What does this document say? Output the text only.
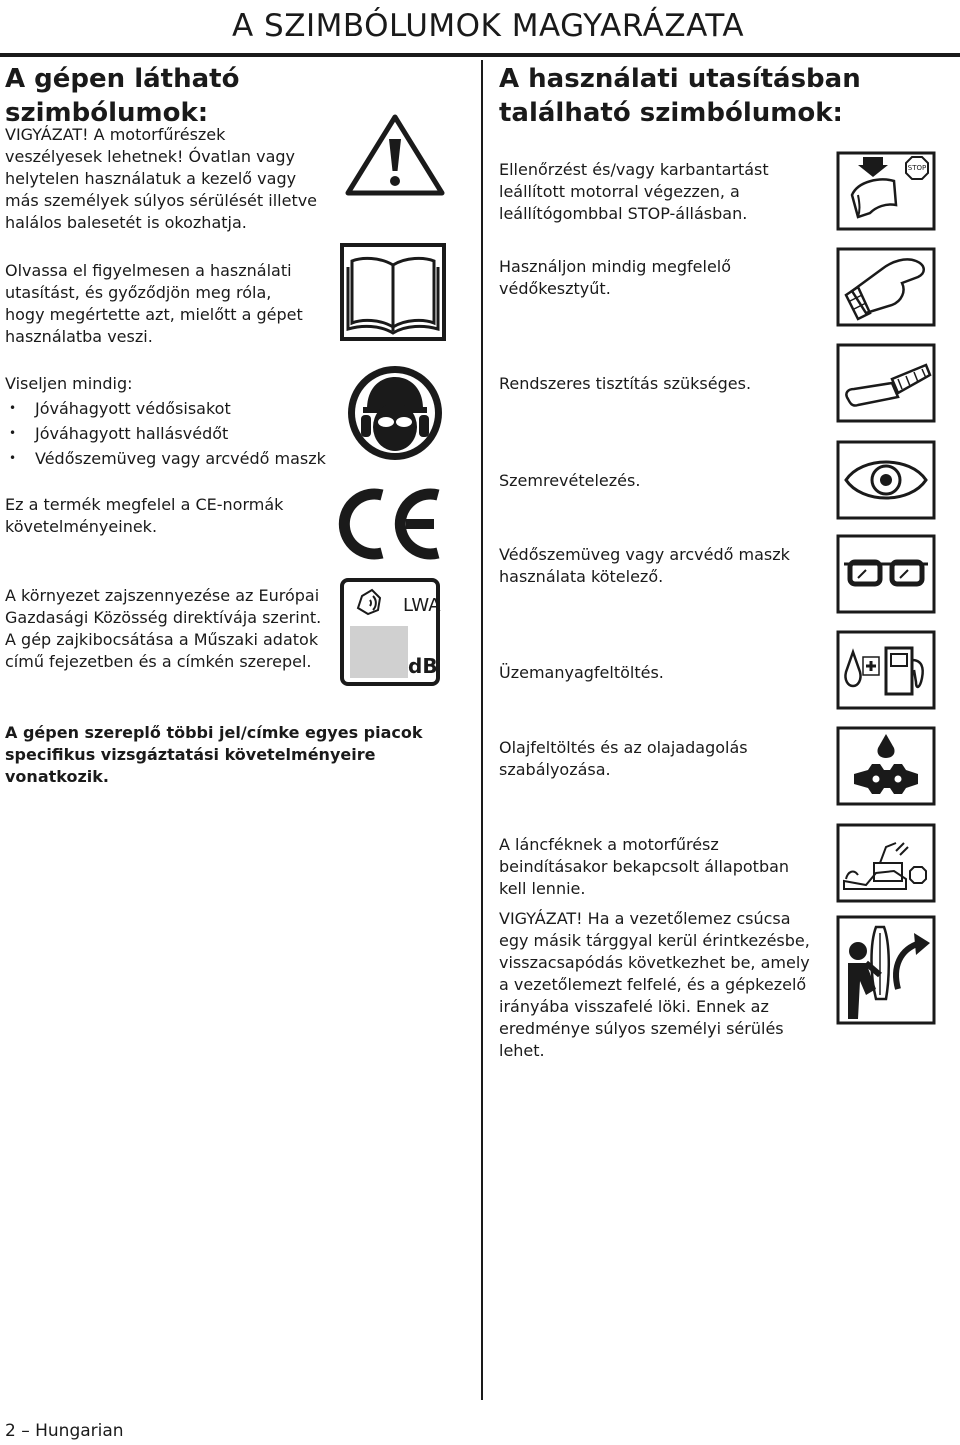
A SZIMBÓLUMOK MAGYARÁZATA
A gépen látható szimbólumok:
VIGYÁZAT! A motorfűrészek veszélyesek lehetnek! Óvatlan vagy helytelen használatuk a kezelő vagy más személyek súlyos sérülését illetve halálos balesetét is okozhatja.
Olvassa el figyelmesen a használati utasítást, és győződjön meg róla, hogy megértette azt, mielőtt a gépet használatba veszi.
Viseljen mindig:
• Jóváhagyott védősisakot
• Jóváhagyott hallásvédőt
• Védőszemüveg vagy arcvédő maszk
Ez a termék megfelel a CE-normák követelményeinek.
A környezet zajszennyezése az Európai Gazdasági Közösség direktívája szerint. A gép zajkibocsátása a Műszaki adatok című fejezetben és a címkén szerepel.
LWA
dB
A gépen szereplő többi jel/címke egyes piacok specifikus vizsgáztatási követelményeire vonatkozik.
A használati utasításban található szimbólumok:
Ellenőrzést és/vagy karbantartást leállított motorral végezzen, a leállítógombbal STOP-állásban.
STOP
Használjon mindig megfelelő védőkesztyűt.
Rendszeres tisztítás szükséges.
Szemrevételezés.
Védőszemüveg vagy arcvédő maszk használata kötelező.
Üzemanyagfeltöltés.
Olajfeltöltés és az olajadagolás szabályozása.
A láncféknek a motorfűrész beindításakor bekapcsolt állapotban kell lennie.
VIGYÁZAT! Ha a vezetőlemez csúcsa egy másik tárggyal kerül érintkezésbe, visszacsapódás következhet be, amely a vezetőlemezt felfelé, és a gépkezelő irányába visszafelé löki. Ennek az eredménye súlyos személyi sérülés lehet.
2 – Hungarian
